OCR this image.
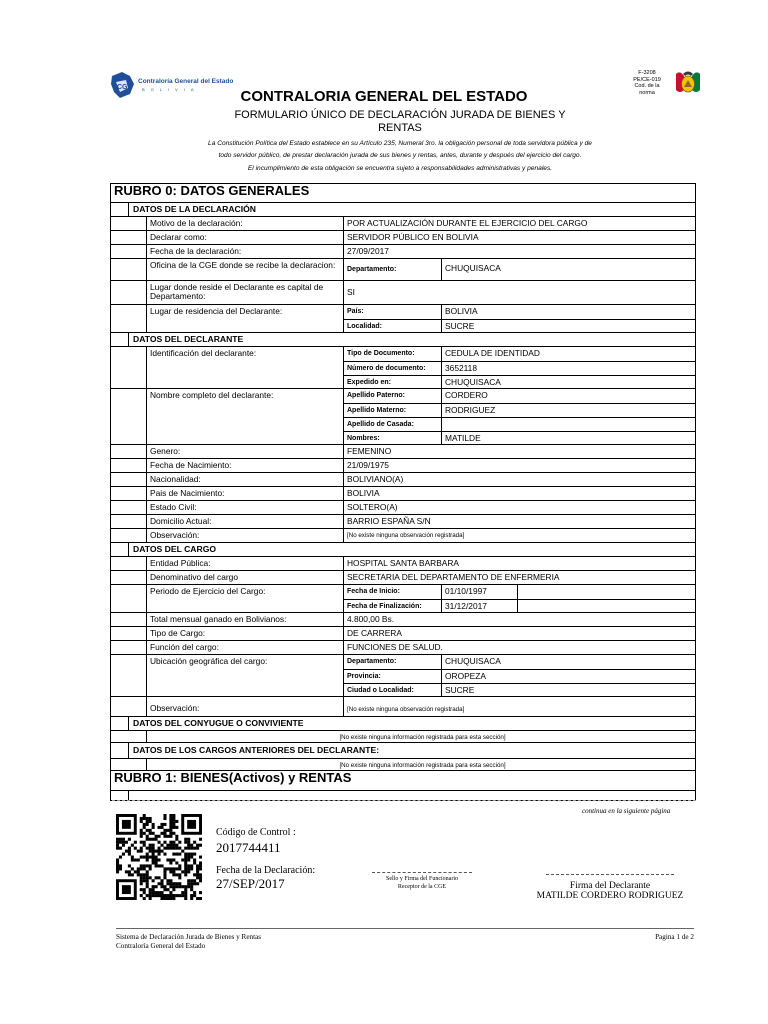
CGE
Contraloría General del Estado
BOLIVIA
F-3208
PE/CE-019
Cod. de la
norma
CONTRALORIA GENERAL DEL ESTADO
FORMULARIO ÚNICO DE DECLARACIÓN JURADA DE BIENES Y RENTAS
La Constitución Política del Estado establece en su Artículo 235, Numeral 3ro. la obligación personal de toda servidora pública y de
todo servidor público, de prestar declaración jurada de sus bienes y rentas, antes, durante y después del ejercicio del cargo.
El incumplimiento de esta obligación se encuentra sujeto a responsabilidades administrativas y penales.
RUBRO 0: DATOS GENERALES
DATOS DE LA DECLARACIÓN
Motivo de la declaración:	POR ACTUALIZACIÓN DURANTE EL EJERCICIO DEL CARGO
Declarar como:	SERVIDOR PÚBLICO EN BOLIVIA
Fecha de la declaración:	27/09/2017
Oficina de la CGE donde se recibe la declaracion:	Departamento:	CHUQUISACA
Lugar donde reside el Declarante es capital de Departamento:	SI
Lugar de residencia del Declarante:	País:	BOLIVIA
Localidad:	SUCRE
DATOS DEL DECLARANTE
Identificación del declarante:	Tipo de Documento:	CEDULA DE IDENTIDAD
Número de documento:	3652118
Expedido en:	CHUQUISACA
Nombre completo del declarante:	Apellido Paterno:	CORDERO
Apellido Materno:	RODRIGUEZ
Apellido de Casada:
Nombres:	MATILDE
Genero:	FEMENINO
Fecha de Nacimiento:	21/09/1975
Nacionalidad:	BOLIVIANO(A)
Pais de Nacimiento:	BOLIVIA
Estado Civil:	SOLTERO(A)
Domicilio Actual:	BARRIO ESPAÑA S/N
Observación:	[No existe ninguna observación registrada]
DATOS DEL CARGO
Entidad Pública:	HOSPITAL SANTA BARBARA
Denominativo del cargo	SECRETARIA DEL DEPARTAMENTO DE ENFERMERIA
Periodo de Ejercicio del Cargo:	Fecha de Inicio:	01/10/1997
Fecha de Finalización:	31/12/2017
Total mensual ganado en Bolivianos:	4.800,00 Bs.
Tipo de Cargo:	DE CARRERA
Función del cargo:	FUNCIONES DE SALUD.
Ubicación geográfica del cargo:	Departamento:	CHUQUISACA
Provincia:	OROPEZA
Ciudad o Localidad:	SUCRE
Observación:	[No existe ninguna observación registrada]
DATOS DEL CONYUGUE O CONVIVIENTE
[No existe ninguna información registrada para esta sección]
DATOS DE LOS CARGOS ANTERIORES DEL DECLARANTE:
[No existe ninguna información registrada para esta sección]
RUBRO 1: BIENES(Activos) y RENTAS
continua en la siguiente página
Código de Control :
2017744411
Fecha de la Declaración:
27/SEP/2017	Sello y Firma del Funcionario
Receptor de la CGE	Firma del Declarante
MATILDE CORDERO RODRIGUEZ
Sistema de Declaración Jurada de Bienes y Rentas
Contraloría General del Estado
Pagina 1 de 2
